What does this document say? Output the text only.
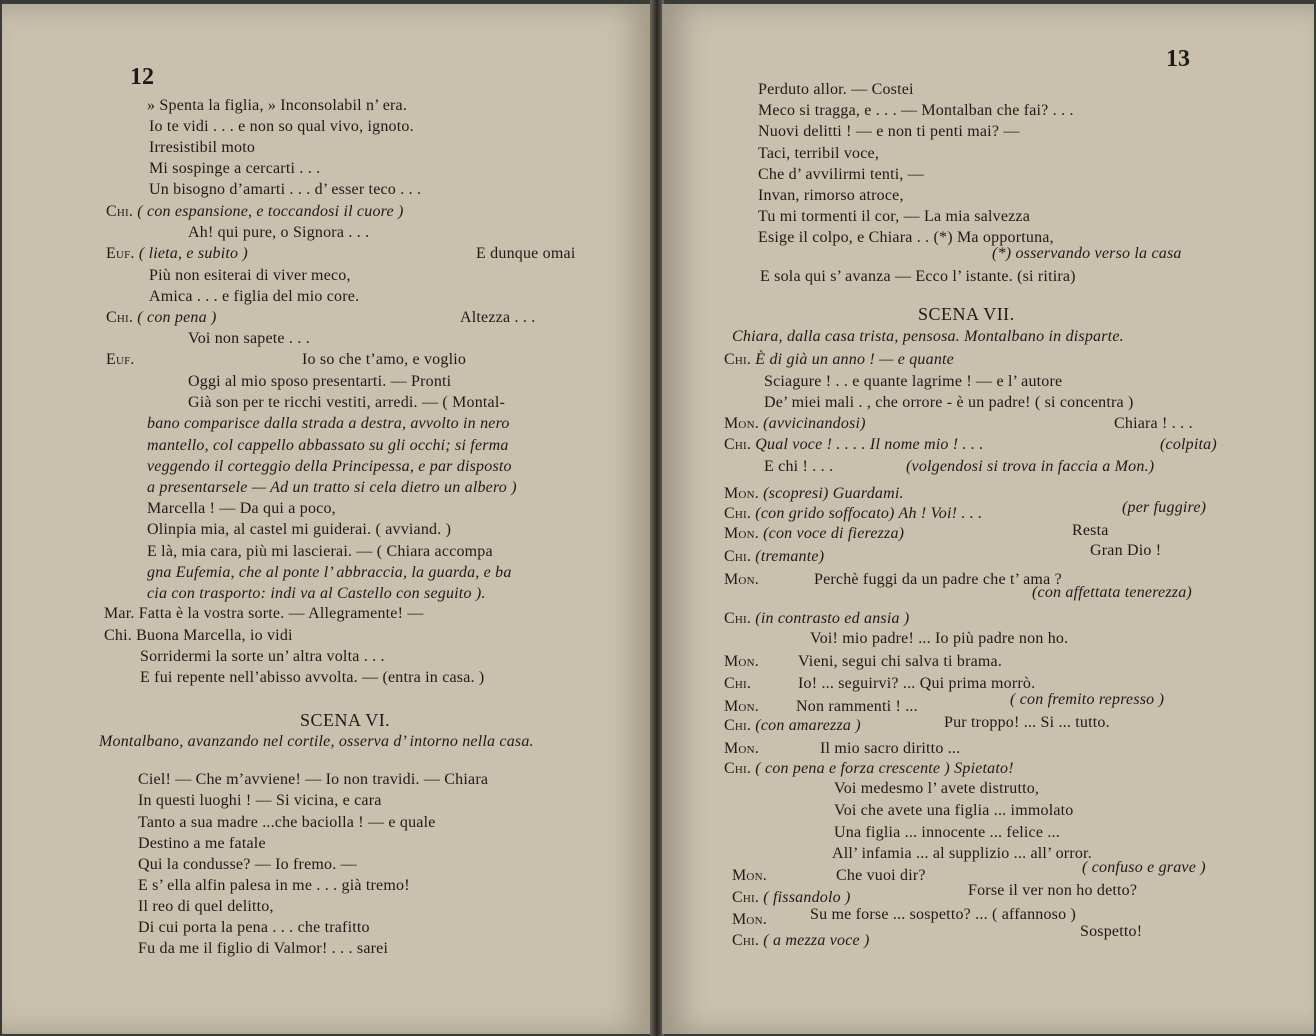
12
» Spenta la figlia, » Inconsolabil n’ era.
Io te vidi . . . e non so qual vivo, ignoto.
Irresistibil moto
Mi sospinge a cercarti . . .
Un bisogno d’amarti . . . d’ esser teco . . .
Chi. ( con espansione, e toccandosi il cuore )
Ah! qui pure, o Signora . . .
Euf. ( lieta, e subito )	E dunque omai
Più non esiterai di viver meco,
Amica . . . e figlia del mio core.
Chi. ( con pena )	Altezza . . .
Voi non sapete . . .
Euf.	Io so che t’amo, e voglio
Oggi al mio sposo presentarti. — Pronti
Già son per te ricchi vestiti, arredi. — ( Montal-
bano comparisce dalla strada a destra, avvolto in nero
mantello, col cappello abbassato su gli occhi; si ferma
veggendo il corteggio della Principessa, e par disposto
a presentarsele — Ad un tratto si cela dietro un albero )
Marcella ! — Da qui a poco,
Olinpia mia, al castel mi guiderai. ( avviand. )
E là, mia cara, più mi lascierai. — ( Chiara accompa
gna Eufemia, che al ponte l’ abbraccia, la guarda, e ba
cia con trasporto: indi va al Castello con seguito ).
Mar. Fatta è la vostra sorte. — Allegramente! —
Chi. Buona Marcella, io vidi
Sorridermi la sorte un’ altra volta . . .
E fui repente nell’abisso avvolta. — (entra in casa. )
SCENA VI.
Montalbano, avanzando nel cortile, osserva d’ intorno nella casa.
Ciel! — Che m’avviene! — Io non travidi. — Chiara
In questi luoghi ! — Si vicina, e cara
Tanto a sua madre ...che baciolla ! — e quale
Destino a me fatale
Qui la condusse? — Io fremo. —
E s’ ella alfin palesa in me . . . già tremo!
Il reo di quel delitto,
Di cui porta la pena . . . che trafitto
Fu da me il figlio di Valmor! . . . sarei
13
Perduto allor. — Costei
Meco si tragga, e . . . — Montalban che fai? . . .
Nuovi delitti ! — e non ti penti mai? —
Taci, terribil voce,
Che d’ avvilirmi tenti, —
Invan, rimorso atroce,
Tu mi tormenti il cor, — La mia salvezza
Esige il colpo, e Chiara . . (*) Ma opportuna,
(*) osservando verso la casa
E sola qui s’ avanza — Ecco l’ istante. (si ritira)
SCENA VII.
Chiara, dalla casa trista, pensosa. Montalbano in disparte.
Chi. È di già un anno ! — e quante
Sciagure ! . . e quante lagrime ! — e l’ autore
De’ miei mali . , che orrore - è un padre! ( si concentra )
Mon. (avvicinandosi)	Chiara ! . . .
Chi. Qual voce ! . . . . Il nome mio ! . . .	(colpita)
E chi ! . . .	(volgendosi si trova in faccia a Mon.)
Mon. (scopresi) Guardami.
Chi. (con grido soffocato) Ah ! Voi! . . .	(per fuggire)
Mon. (con voce di fierezza)	Resta
Chi. (tremante)	Gran Dio !
Mon.	Perchè fuggi da un padre che t’ ama ?
(con affettata tenerezza)
Chi. (in contrasto ed ansia )
Voi! mio padre! ... Io più padre non ho.
Mon. Vieni, segui chi salva ti brama.
Chi.	Io! ... seguirvi? ... Qui prima morrò.
Mon. Non rammenti ! ...	( con fremito represso )
Chi. (con amarezza )	Pur troppo! ... Si ... tutto.
Mon.	Il mio sacro diritto ...
Chi. ( con pena e forza crescente ) Spietato!
Voi medesmo l’ avete distrutto,
Voi che avete una figlia ... immolato
Una figlia ... innocente ... felice ...
All’ infamia ... al supplizio ... all’ orror.
Mon.	Che vuoi dir?	( confuso e grave )
Chi. ( fissandolo )	Forse il ver non ho detto?
Mon.	Su me forse ... sospetto? ... ( affannoso )
Chi. ( a mezza voce )
Sospetto!
